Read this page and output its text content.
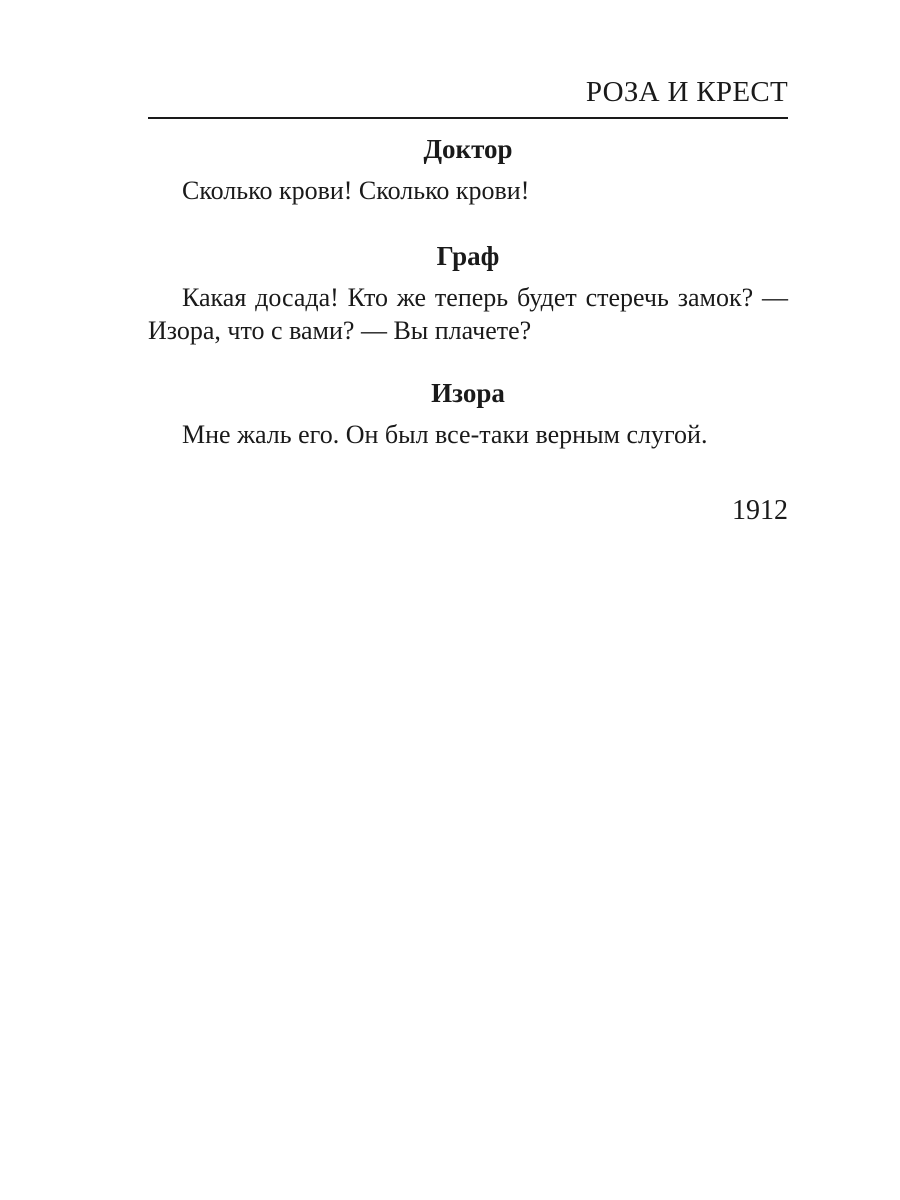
РОЗА И КРЕСТ
Доктор

Сколько крови! Сколько крови!

Граф

Какая досада! Кто же теперь будет стеречь замок? — Изора, что с вами? — Вы плачете?

Изора

Мне жаль его. Он был все-таки верным слугой.

1912
